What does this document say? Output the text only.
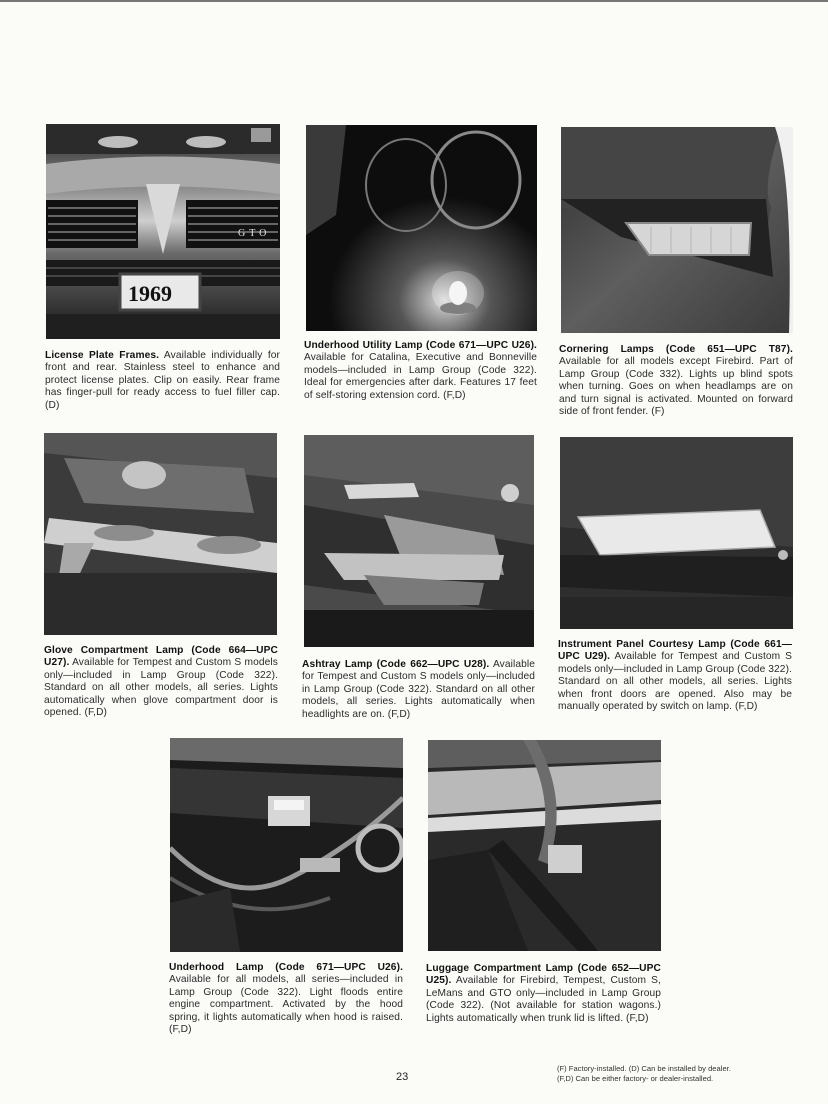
GTO
1969
License Plate Frames. Available individually for front and rear. Stainless steel to enhance and protect license plates. Clip on easily. Rear frame has finger-pull for ready access to fuel filler cap. (D)
Underhood Utility Lamp (Code 671—UPC U26). Available for Catalina, Executive and Bonneville models—included in Lamp Group (Code 322). Ideal for emergencies after dark. Features 17 feet of self-storing extension cord. (F,D)
Cornering Lamps (Code 651—UPC T87). Available for all models except Firebird. Part of Lamp Group (Code 332). Lights up blind spots when turning. Goes on when headlamps are on and turn signal is activated. Mounted on forward side of front fender. (F)
Glove Compartment Lamp (Code 664—UPC U27). Available for Tempest and Custom S models only—included in Lamp Group (Code 322). Standard on all other models, all series. Lights automatically when glove compartment door is opened. (F,D)
Ashtray Lamp (Code 662—UPC U28). Available for Tempest and Custom S models only—included in Lamp Group (Code 322). Standard on all other models, all series. Lights automatically when headlights are on. (F,D)
Instrument Panel Courtesy Lamp (Code 661—UPC U29). Available for Tempest and Custom S models only—included in Lamp Group (Code 322). Standard on all other models, all series. Lights when front doors are opened. Also may be manually operated by switch on lamp. (F,D)
Underhood Lamp (Code 671—UPC U26). Available for all models, all series—included in Lamp Group (Code 322). Light floods entire engine compartment. Activated by the hood spring, it lights automatically when hood is raised. (F,D)
Luggage Compartment Lamp (Code 652—UPC U25). Available for Firebird, Tempest, Custom S, LeMans and GTO only—included in Lamp Group (Code 322). (Not available for station wagons.) Lights automatically when trunk lid is lifted. (F,D)
23
(F) Factory-installed. (D) Can be installed by dealer.
(F,D) Can be either factory- or dealer-installed.
